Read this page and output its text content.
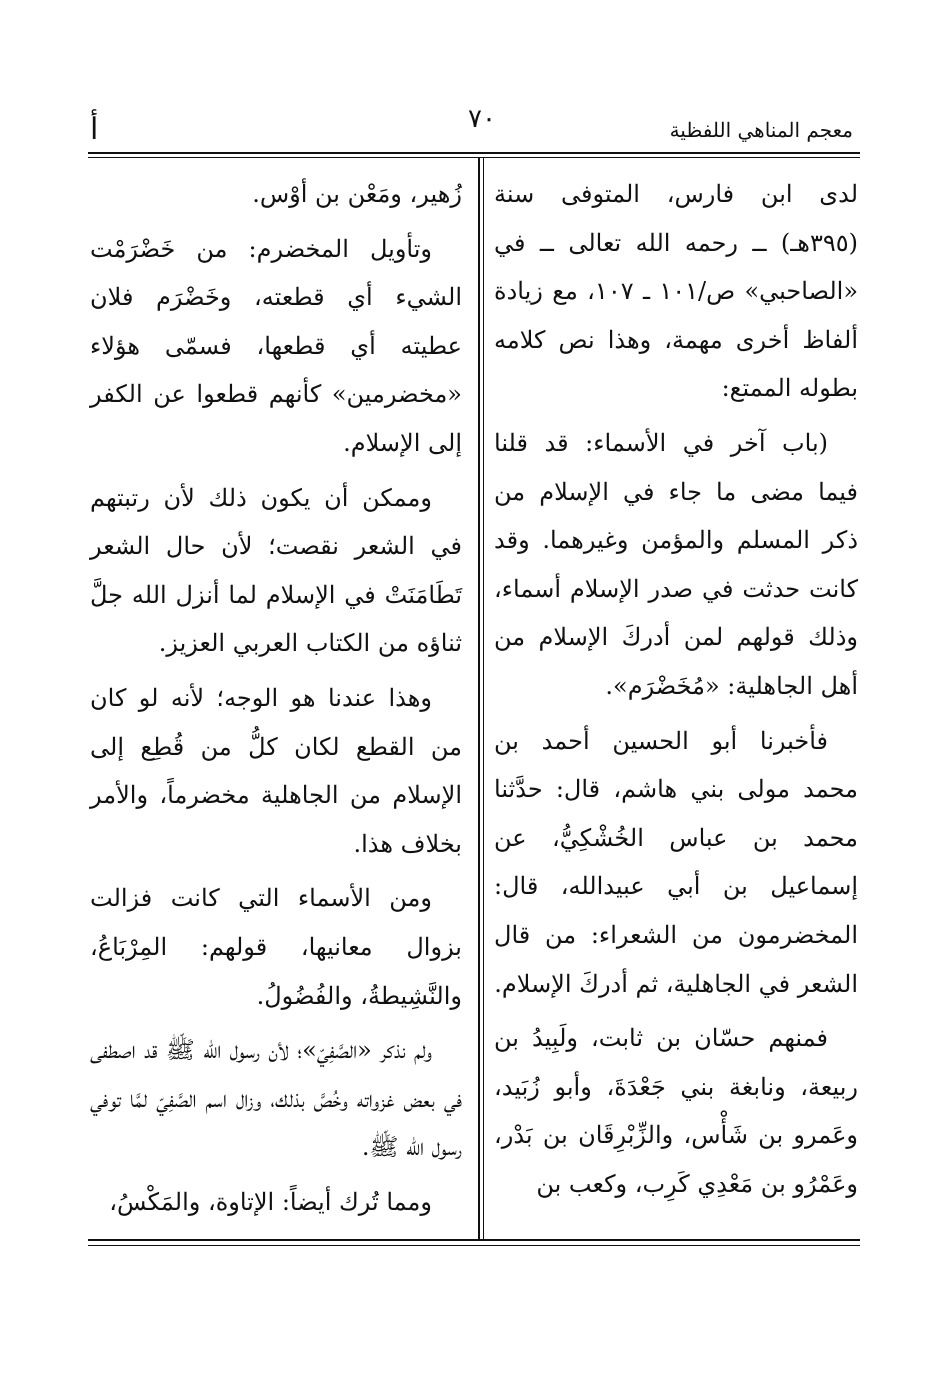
معجم المناهي اللفظية
٧٠
أ

لدى ابن فارس، المتوفى سنة (٣٩٥هـ) ــ رحمه الله تعالى ــ في «الصاحبي» ص/١٠١ ـ ١٠٧، مع زيادة ألفاظ أخرى مهمة، وهذا نص كلامه بطوله الممتع:

(باب آخر في الأسماء: قد قلنا فيما مضى ما جاء في الإسلام من ذكر المسلم والمؤمن وغيرهما. وقد كانت حدثت في صدر الإسلام أسماء، وذلك قولهم لمن أدركَ الإسلام من أهل الجاهلية: «مُخَضْرَم».

فأخبرنا أبو الحسين أحمد بن محمد مولى بني هاشم، قال: حدَّثنا محمد بن عباس الخُشْكِيُّ، عن إسماعيل بن أبي عبيدالله، قال: المخضرمون من الشعراء: من قال الشعر في الجاهلية، ثم أدركَ الإسلام.

فمنهم حسّان بن ثابت، ولَبِيدُ بن ربيعة، ونابغة بني جَعْدَةَ، وأبو زُبَيد، وعَمرو بن شَأْس، والزِّبْرِقَان بن بَدْر، وعَمْرُو بن مَعْدِي كَرِب، وكعب بن

زُهير، ومَعْن بن أوْس.

وتأويل المخضرم: من خَضْرَمْت الشيء أي قطعته، وخَضْرَم فلان عطيته أي قطعها، فسمّى هؤلاء «مخضرمين» كأنهم قطعوا عن الكفر إلى الإسلام.

وممكن أن يكون ذلك لأن رتبتهم في الشعر نقصت؛ لأن حال الشعر تَطَامَنَتْ في الإسلام لما أنزل الله جلَّ ثناؤه من الكتاب العربي العزيز.

وهذا عندنا هو الوجه؛ لأنه لو كان من القطع لكان كلُّ من قُطِع إلى الإسلام من الجاهلية مخضرماً، والأمر بخلاف هذا.

ومن الأسماء التي كانت فزالت بزوال معانيها، قولهم: المِرْبَاعُ، والنَّشِيطةُ، والفُضُولُ.

ولم نذكر «الصَّفِيّ»؛ لأن رسول الله ﷺ قد اصطفى في بعض غزواته وخُصَّ بذلك، وزال اسم الصَّفِيّ لمَّا توفي رسول الله ﷺ.

ومما تُرك أيضاً: الإتاوة، والمَكْسُ،
